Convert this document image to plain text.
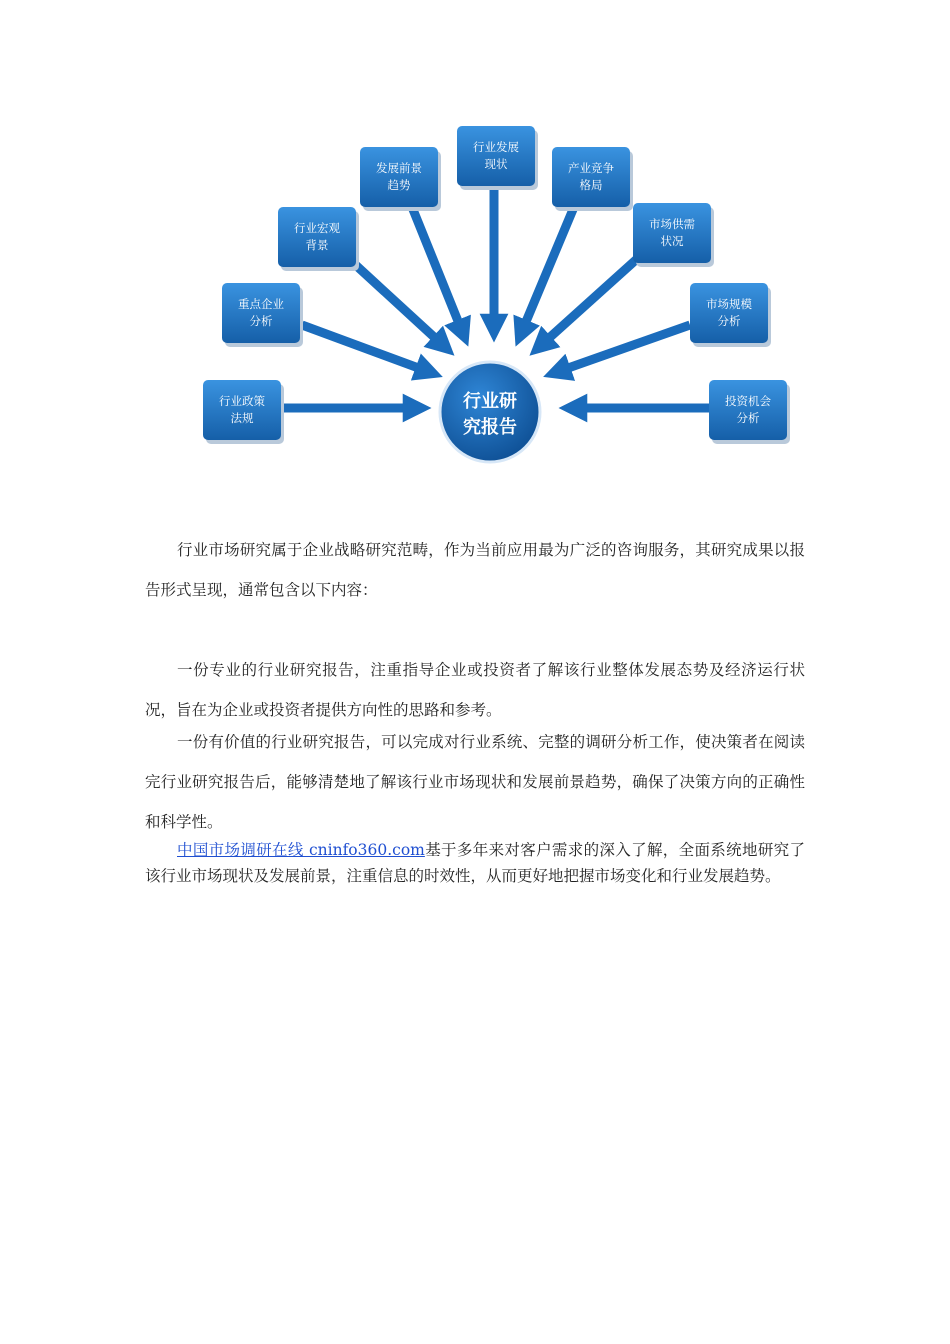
行业政策
法规
重点企业
分析
行业宏观
背景
发展前景
趋势
行业发展
现状	产业竞争
格局
市场供需
状况
市场规模
分析
投资机会
分析
行业研
究报告

行业市场研究属于企业战略研究范畴，作为当前应用最为广泛的咨询服务，其研究成果以报告形式呈现，通常包含以下内容：

一份专业的行业研究报告，注重指导企业或投资者了解该行业整体发展态势及经济运行状况，旨在为企业或投资者提供方向性的思路和参考。

一份有价值的行业研究报告，可以完成对行业系统、完整的调研分析工作，使决策者在阅读完行业研究报告后，能够清楚地了解该行业市场现状和发展前景趋势，确保了决策方向的正确性和科学性。

中国市场调研在线 cninfo360.com基于多年来对客户需求的深入了解，全面系统地研究了该行业市场现状及发展前景，注重信息的时效性，从而更好地把握市场变化和行业发展趋势。
